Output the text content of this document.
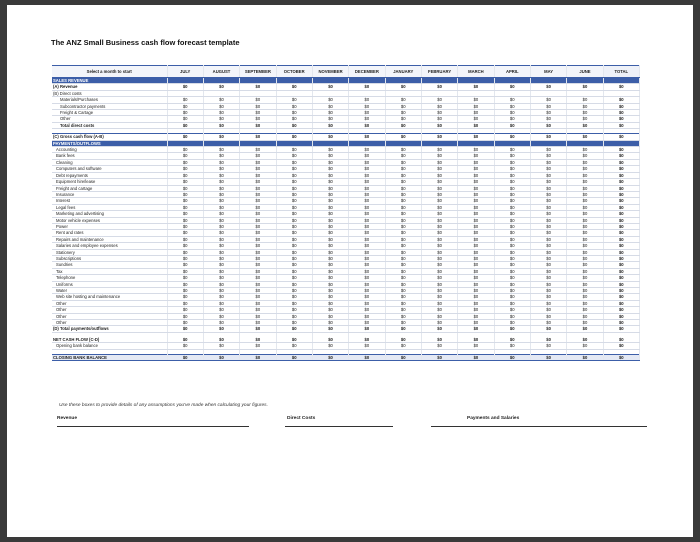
The ANZ Small Business cash flow forecast template
Select a month to start	JULY	AUGUST	SEPTEMBER	OCTOBER	NOVEMBER	DECEMBER	JANUARY	FEBRUARY	MARCH	APRIL	MAY	JUNE	TOTAL
SALES REVENUE													
(A) Revenue	$0	$0	$0	$0	$0	$0	$0	$0	$0	$0	$0	$0	$0
(B) Direct costs													
Materials/Purchases	$0	$0	$0	$0	$0	$0	$0	$0	$0	$0	$0	$0	$0
Subcontractor payments	$0	$0	$0	$0	$0	$0	$0	$0	$0	$0	$0	$0	$0
Freight & Cartage	$0	$0	$0	$0	$0	$0	$0	$0	$0	$0	$0	$0	$0
Other	$0	$0	$0	$0	$0	$0	$0	$0	$0	$0	$0	$0	$0
Total direct costs	$0	$0	$0	$0	$0	$0	$0	$0	$0	$0	$0	$0	$0

(C) Gross cash flow (A-B)	$0	$0	$0	$0	$0	$0	$0	$0	$0	$0	$0	$0	$0
PAYMENTS/OUTFLOWS													
Accounting	$0	$0	$0	$0	$0	$0	$0	$0	$0	$0	$0	$0	$0
Bank fees	$0	$0	$0	$0	$0	$0	$0	$0	$0	$0	$0	$0	$0
Cleaning	$0	$0	$0	$0	$0	$0	$0	$0	$0	$0	$0	$0	$0
Computers and software	$0	$0	$0	$0	$0	$0	$0	$0	$0	$0	$0	$0	$0
Debt repayments	$0	$0	$0	$0	$0	$0	$0	$0	$0	$0	$0	$0	$0
Equipment hire/lease	$0	$0	$0	$0	$0	$0	$0	$0	$0	$0	$0	$0	$0
Freight and cartage	$0	$0	$0	$0	$0	$0	$0	$0	$0	$0	$0	$0	$0
Insurance	$0	$0	$0	$0	$0	$0	$0	$0	$0	$0	$0	$0	$0
Interest	$0	$0	$0	$0	$0	$0	$0	$0	$0	$0	$0	$0	$0
Legal fees	$0	$0	$0	$0	$0	$0	$0	$0	$0	$0	$0	$0	$0
Marketing and advertising	$0	$0	$0	$0	$0	$0	$0	$0	$0	$0	$0	$0	$0
Motor vehicle expenses	$0	$0	$0	$0	$0	$0	$0	$0	$0	$0	$0	$0	$0
Power	$0	$0	$0	$0	$0	$0	$0	$0	$0	$0	$0	$0	$0
Rent and rates	$0	$0	$0	$0	$0	$0	$0	$0	$0	$0	$0	$0	$0
Repairs and maintenance	$0	$0	$0	$0	$0	$0	$0	$0	$0	$0	$0	$0	$0
Salaries and employee expenses	$0	$0	$0	$0	$0	$0	$0	$0	$0	$0	$0	$0	$0
Stationery	$0	$0	$0	$0	$0	$0	$0	$0	$0	$0	$0	$0	$0
Subscriptions	$0	$0	$0	$0	$0	$0	$0	$0	$0	$0	$0	$0	$0
Sundries	$0	$0	$0	$0	$0	$0	$0	$0	$0	$0	$0	$0	$0
Tax	$0	$0	$0	$0	$0	$0	$0	$0	$0	$0	$0	$0	$0
Telephone	$0	$0	$0	$0	$0	$0	$0	$0	$0	$0	$0	$0	$0
Uniforms	$0	$0	$0	$0	$0	$0	$0	$0	$0	$0	$0	$0	$0
Water	$0	$0	$0	$0	$0	$0	$0	$0	$0	$0	$0	$0	$0
Web site hosting and maintenance	$0	$0	$0	$0	$0	$0	$0	$0	$0	$0	$0	$0	$0
Other	$0	$0	$0	$0	$0	$0	$0	$0	$0	$0	$0	$0	$0
Other	$0	$0	$0	$0	$0	$0	$0	$0	$0	$0	$0	$0	$0
Other	$0	$0	$0	$0	$0	$0	$0	$0	$0	$0	$0	$0	$0
Other	$0	$0	$0	$0	$0	$0	$0	$0	$0	$0	$0	$0	$0
(D) Total payments/outflows	$0	$0	$0	$0	$0	$0	$0	$0	$0	$0	$0	$0	$0

NET CASH FLOW (C-D)	$0	$0	$0	$0	$0	$0	$0	$0	$0	$0	$0	$0	$0
Opening bank balance	$0	$0	$0	$0	$0	$0	$0	$0	$0	$0	$0	$0	$0

CLOSING BANK BALANCE	$0	$0	$0	$0	$0	$0	$0	$0	$0	$0	$0	$0	$0
Use these boxes to provide details of any assumptions you've made when calculating your figures.
Revenue	Direct Costs	Payments and Salaries
